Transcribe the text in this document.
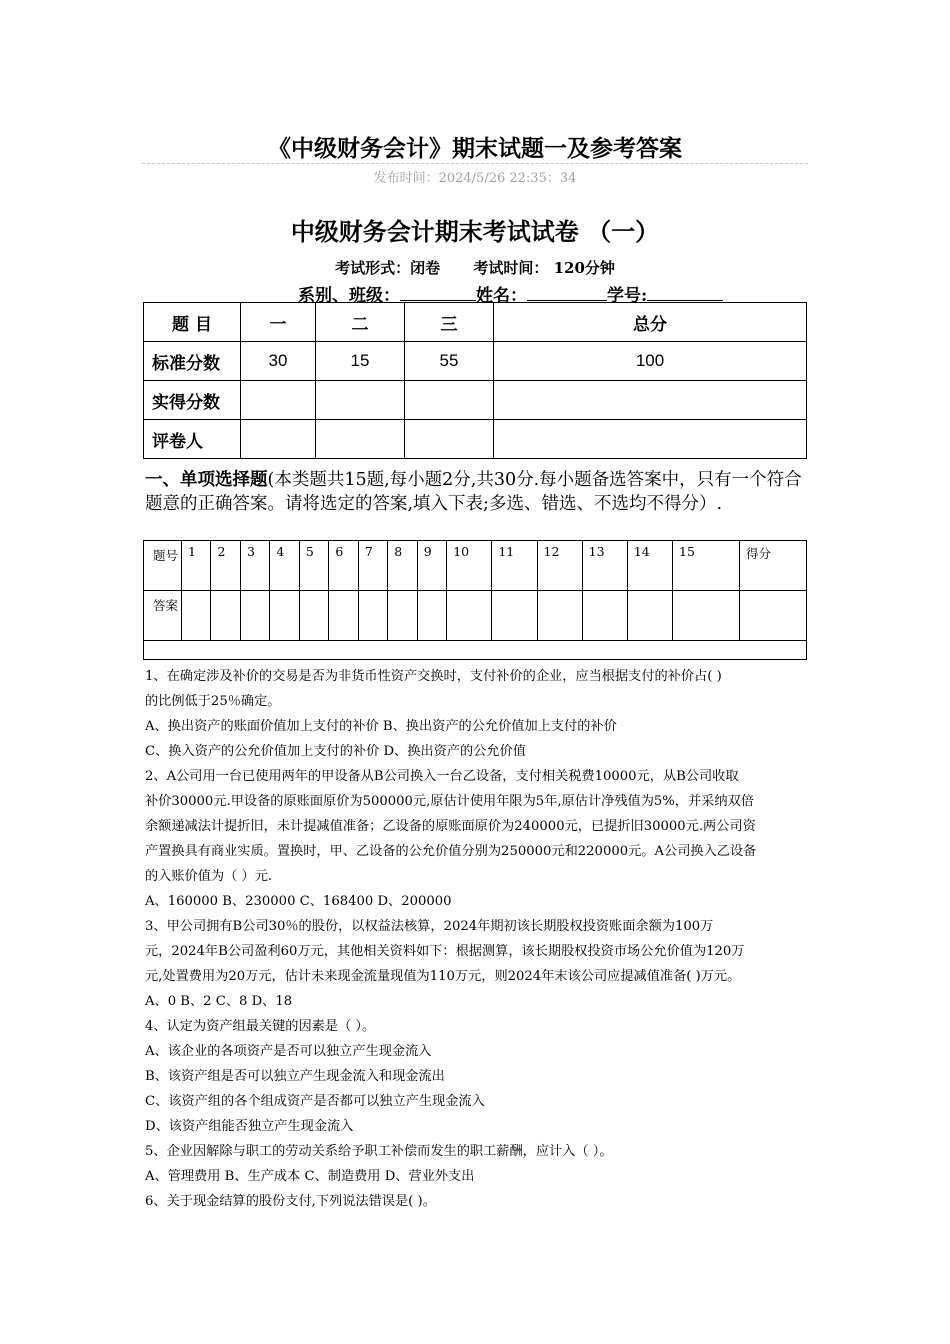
《中级财务会计》期末试题一及参考答案
发布时间：2024/5/26 22:35：34
中级财务会计期末考试试卷 （一）
考试形式：闭卷 考试时间： 120分钟
系别、班级：	姓名：	学号:
题 目	一	二	三	总分
标准分数	30	15	55	100
实得分数				
评卷人				
一、单项选择题(本类题共15题,每小题2分,共30分.每小题备选答案中，只有一个符合题意的正确答案。请将选定的答案,填入下表;多选、错选、不选均不得分）.
题号	1	2	3	4	5	6	7	8	9	10	11	12	13	14	15	得分
答案																

1、在确定涉及补价的交易是否为非货币性资产交换时，支付补价的企业，应当根据支付的补价占( )

的比例低于25％确定。

A、换出资产的账面价值加上支付的补价 B、换出资产的公允价值加上支付的补价

C、换入资产的公允价值加上支付的补价 D、换出资产的公允价值

2、A公司用一台已使用两年的甲设备从B公司换入一台乙设备，支付相关税费10000元，从B公司收取

补价30000元.甲设备的原账面原价为500000元,原估计使用年限为5年,原估计净残值为5%，并采纳双倍

余额递减法计提折旧，未计提减值准备；乙设备的原账面原价为240000元，已提折旧30000元.两公司资

产置换具有商业实质。置换时，甲、乙设备的公允价值分别为250000元和220000元。A公司换入乙设备

的入账价值为（ ）元.

A、160000 B、230000 C、168400 D、200000

3、甲公司拥有B公司30％的股份，以权益法核算，2024年期初该长期股权投资账面余额为100万

元，2024年B公司盈利60万元，其他相关资料如下：根据测算，该长期股权投资市场公允价值为120万

元,处置费用为20万元，估计未来现金流量现值为110万元，则2024年末该公司应提减值准备( )万元。

A、0 B、2 C、8 D、18

4、认定为资产组最关键的因素是（ ）。

A、该企业的各项资产是否可以独立产生现金流入

B、该资产组是否可以独立产生现金流入和现金流出

C、该资产组的各个组成资产是否都可以独立产生现金流入

D、该资产组能否独立产生现金流入

5、企业因解除与职工的劳动关系给予职工补偿而发生的职工薪酬，应计入（ ）。

A、管理费用 B、生产成本 C、制造费用 D、营业外支出

6、关于现金结算的股份支付,下列说法错误是( )。
